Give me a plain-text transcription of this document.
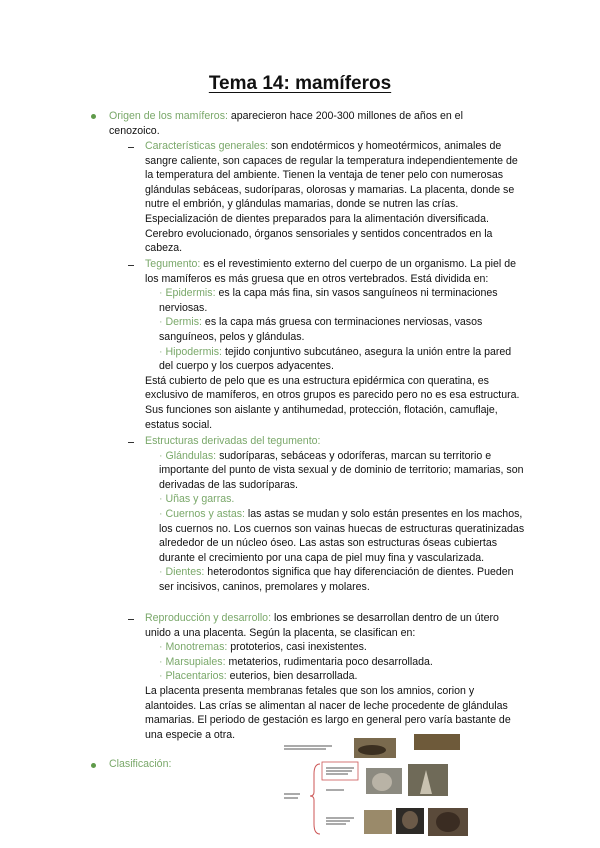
Tema 14: mamíferos
Origen de los mamíferos: aparecieron hace 200-300 millones de años en el cenozoico.
Características generales: son endotérmicos y homeotérmicos, animales de sangre caliente, son capaces de regular la temperatura independientemente de la temperatura del ambiente. Tienen la ventaja de tener pelo con numerosas glándulas sebáceas, sudoríparas, olorosas y mamarias. La placenta, donde se nutre el embrión, y glándulas mamarias, donde se nutren las crías. Especialización de dientes preparados para la alimentación diversificada. Cerebro evolucionado, órganos sensoriales y sentidos concentrados en la cabeza.

Tegumento: es el revestimiento externo del cuerpo de un organismo. La piel de los mamíferos es más gruesa que en otros vertebrados. Está dividida en:

· Epidermis: es la capa más fina, sin vasos sanguíneos ni terminaciones nerviosas.

· Dermis: es la capa más gruesa con terminaciones nerviosas, vasos sanguíneos, pelos y glándulas.

· Hipodermis: tejido conjuntivo subcutáneo, asegura la unión entre la pared del cuerpo y los cuerpos adyacentes.

Está cubierto de pelo que es una estructura epidérmica con queratina, es exclusivo de mamíferos, en otros grupos es parecido pero no es esa estructura. Sus funciones son aislante y antihumedad, protección, flotación, camuflaje, estatus social.

Estructuras derivadas del tegumento:

· Glándulas: sudoríparas, sebáceas y odoríferas, marcan su territorio e importante del punto de vista sexual y de dominio de territorio; mamarias, son derivadas de las sudoríparas.

· Uñas y garras.

· Cuernos y astas: las astas se mudan y solo están presentes en los machos, los cuernos no. Los cuernos son vainas huecas de estructuras queratinizadas alrededor de un núcleo óseo. Las astas son estructuras óseas cubiertas durante el crecimiento por una capa de piel muy fina y vascularizada.

· Dientes: heterodontos significa que hay diferenciación de dientes. Pueden ser incisivos, caninos, premolares y molares.

Reproducción y desarrollo: los embriones se desarrollan dentro de un útero unido a una placenta. Según la placenta, se clasifican en:

· Monotremas: prototerios, casi inexistentes.

· Marsupiales: metaterios, rudimentaria poco desarrollada.

· Placentarios: euterios, bien desarrollada.

La placenta presenta membranas fetales que son los amnios, corion y alantoides. Las crías se alimentan al nacer de leche procedente de glándulas mamarias. El periodo de gestación es largo en general pero varía bastante de una especie a otra.

Clasificación:
